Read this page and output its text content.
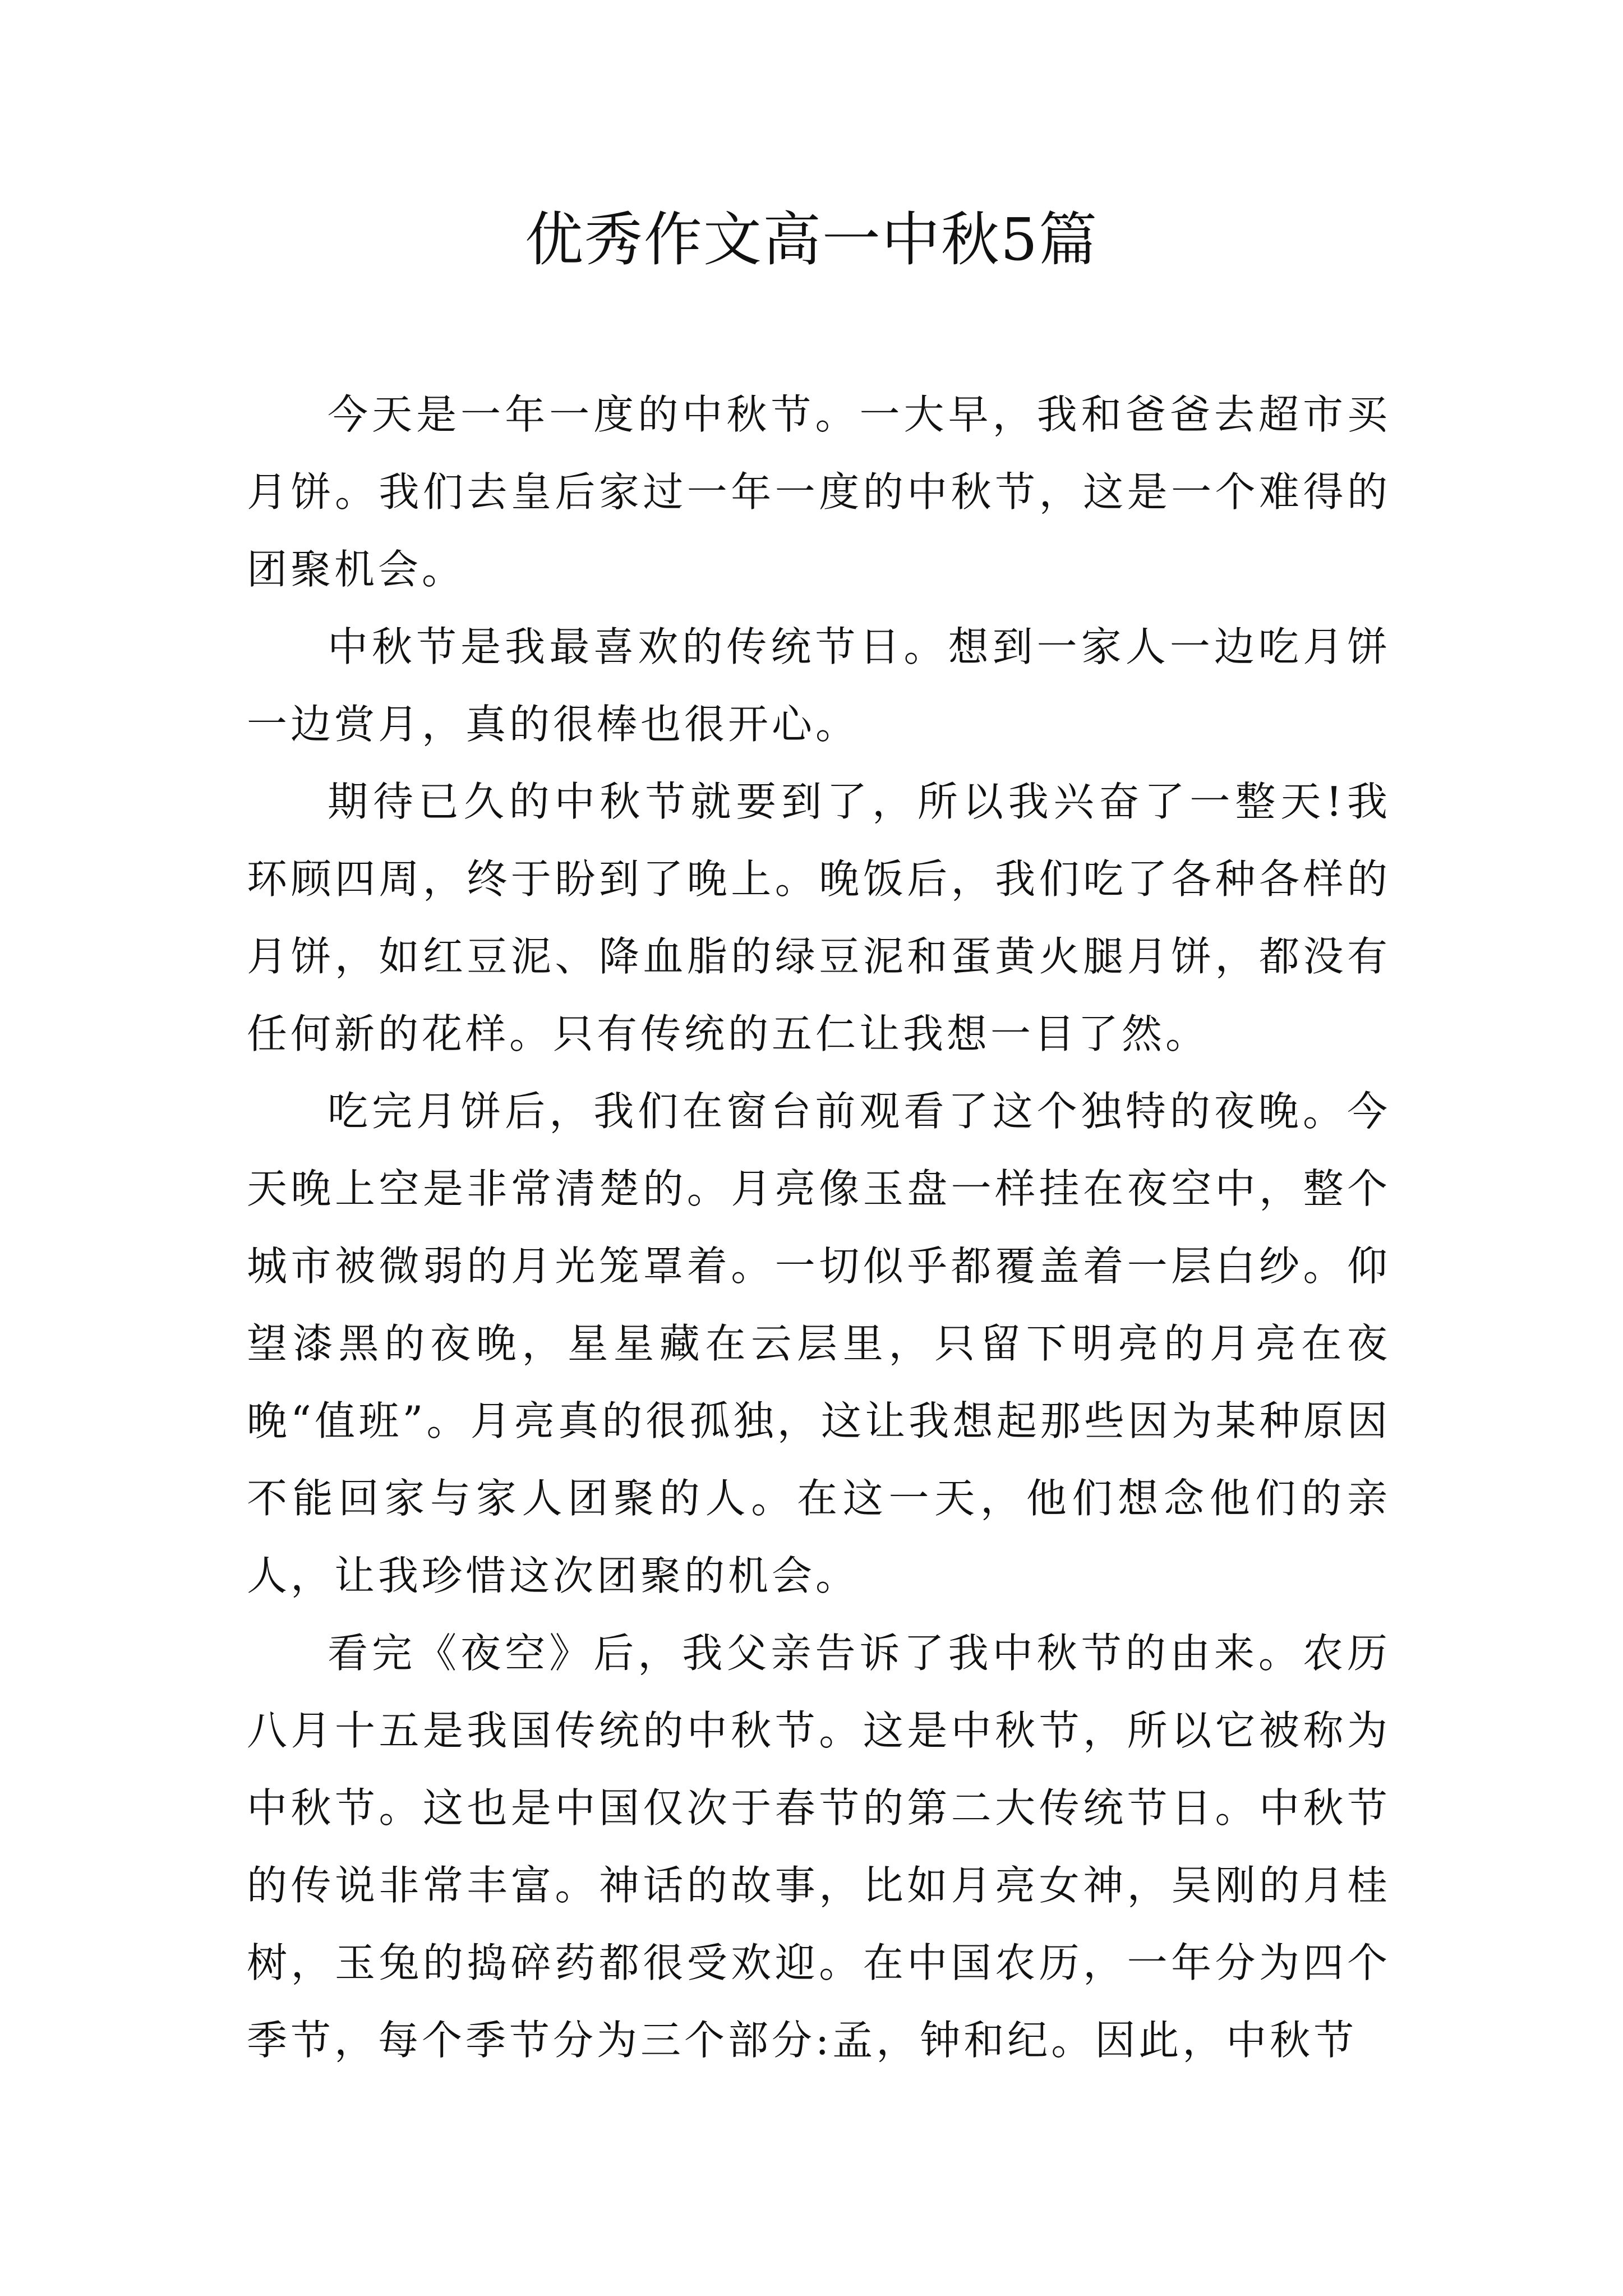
优秀作文高一中秋5篇

今天是一年一度的中秋节。一大早，我和爸爸去超市买月饼。我们去皇后家过一年一度的中秋节，这是一个难得的团聚机会。

中秋节是我最喜欢的传统节日。想到一家人一边吃月饼一边赏月，真的很棒也很开心。

期待已久的中秋节就要到了，所以我兴奋了一整天!我环顾四周，终于盼到了晚上。晚饭后，我们吃了各种各样的月饼，如红豆泥、降血脂的绿豆泥和蛋黄火腿月饼，都没有任何新的花样。只有传统的五仁让我想一目了然。

吃完月饼后，我们在窗台前观看了这个独特的夜晚。今天晚上空是非常清楚的。月亮像玉盘一样挂在夜空中，整个城市被微弱的月光笼罩着。一切似乎都覆盖着一层白纱。仰望漆黑的夜晚，星星藏在云层里，只留下明亮的月亮在夜晚“值班”。月亮真的很孤独，这让我想起那些因为某种原因不能回家与家人团聚的人。在这一天，他们想念他们的亲人，让我珍惜这次团聚的机会。

看完《夜空》后，我父亲告诉了我中秋节的由来。农历八月十五是我国传统的中秋节。这是中秋节，所以它被称为中秋节。这也是中国仅次于春节的第二大传统节日。中秋节的传说非常丰富。神话的故事，比如月亮女神，吴刚的月桂树，玉兔的捣碎药都很受欢迎。在中国农历，一年分为四个季节，每个季节分为三个部分:孟，钟和纪。因此，中秋节
